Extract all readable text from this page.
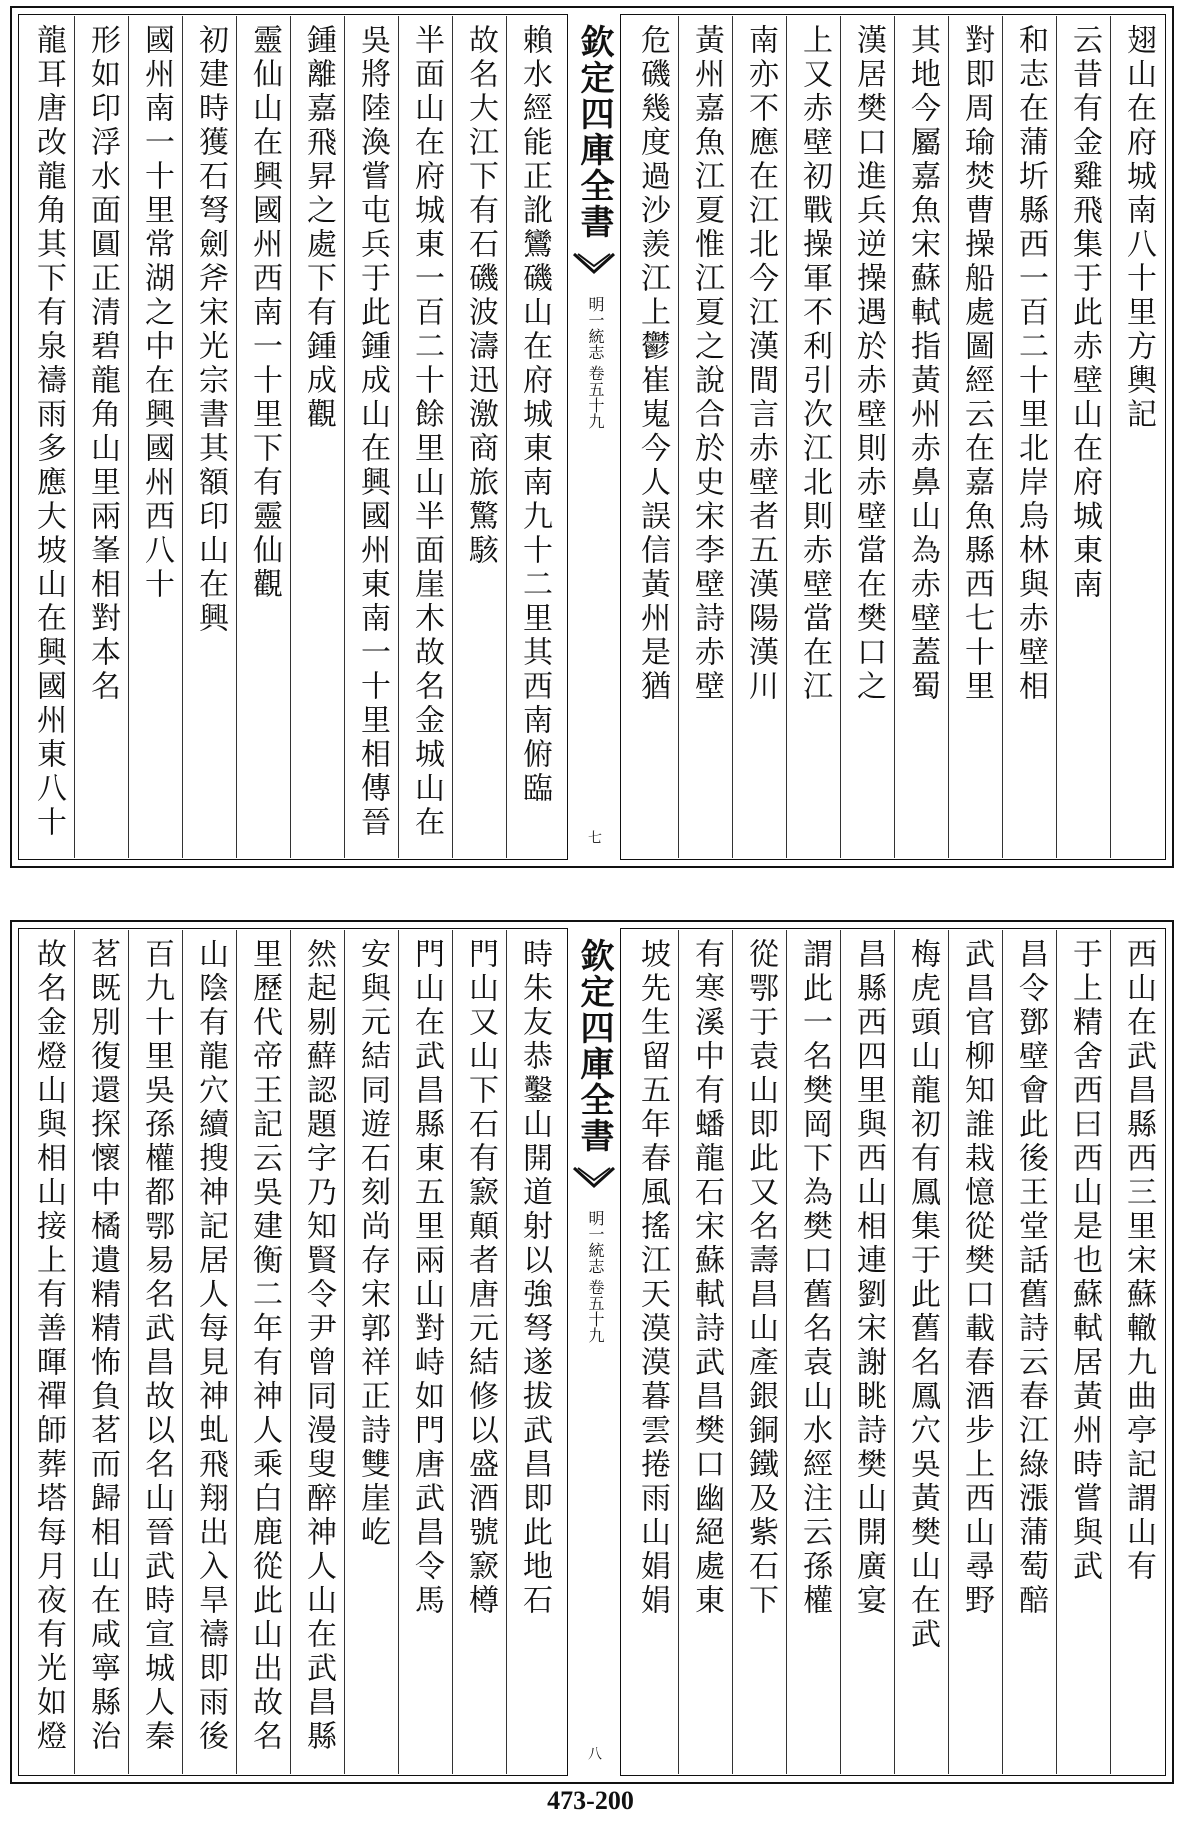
賴水經能正訛鸞磯山在府城東南九十二里其西南俯臨
故名大江下有石磯波濤迅激商旅驚駭
半面山在府城東一百二十餘里山半面崖木故名金城山在
吳將陸渙嘗屯兵于此鍾成山在興國州東南一十里相傳晉
鍾離嘉飛昇之處下有鍾成觀
靈仙山在興國州西南一十里下有靈仙觀
初建時獲石弩劍斧宋光宗書其額印山在興
國州南一十里常湖之中在興國州西八十
形如印浮水面圓正清碧龍角山里兩峯相對本名
龍耳唐改龍角其下有泉禱雨多應大坡山在興國州東八十
欽定四庫全書
明一統志 卷五十九
七
翅山在府城南八十里方輿記
云昔有金雞飛集于此赤壁山在府城東南
和志在蒲圻縣西一百二十里北岸烏林與赤壁相
對即周瑜焚曹操船處圖經云在嘉魚縣西七十里
其地今屬嘉魚宋蘇軾指黃州赤鼻山為赤壁蓋蜀
漢居樊口進兵逆操遇於赤壁則赤壁當在樊口之
上又赤壁初戰操軍不利引次江北則赤壁當在江
南亦不應在江北今江漢間言赤壁者五漢陽漢川
黃州嘉魚江夏惟江夏之說合於史宋李壁詩赤壁
危磯幾度過沙羨江上鬱崔嵬今人誤信黃州是猶
時朱友恭鑿山開道射以強弩遂拔武昌即此地石
門山又山下石有窾顛者唐元結修以盛酒號窾樽
門山在武昌縣東五里兩山對峙如門唐武昌令馬
安與元結同遊石刻尚存宋郭祥正詩雙崖屹
然起剔蘚認題字乃知賢令尹曾同漫叟醉神人山在武昌縣
里歷代帝王記云吳建衡二年有神人乘白鹿從此山出故名
山陰有龍穴續搜神記居人每見神虬飛翔出入旱禱即雨後
百九十里吳孫權都鄂易名武昌故以名山晉武時宣城人秦
茗既別復還探懷中橘遺精精怖負茗而歸相山在咸寧縣治
故名金燈山與相山接上有善暉禪師葬塔每月夜有光如燈
欽定四庫全書
明一統志 卷五十九
八
西山在武昌縣西三里宋蘇轍九曲亭記謂山有
于上精舍西曰西山是也蘇軾居黃州時嘗與武
昌令鄧壁會此後王堂話舊詩云春江綠漲蒲萄醅
武昌官柳知誰栽憶從樊口載春酒步上西山尋野
梅虎頭山龍初有鳳集于此舊名鳳穴吳黃樊山在武
昌縣西四里與西山相連劉宋謝眺詩樊山開廣宴
謂此一名樊岡下為樊口舊名袁山水經注云孫權
從鄂于袁山即此又名壽昌山產銀銅鐵及紫石下
有寒溪中有蟠龍石宋蘇軾詩武昌樊口幽絕處東
坡先生留五年春風搖江天漠漠暮雲捲雨山娟娟
473-200
